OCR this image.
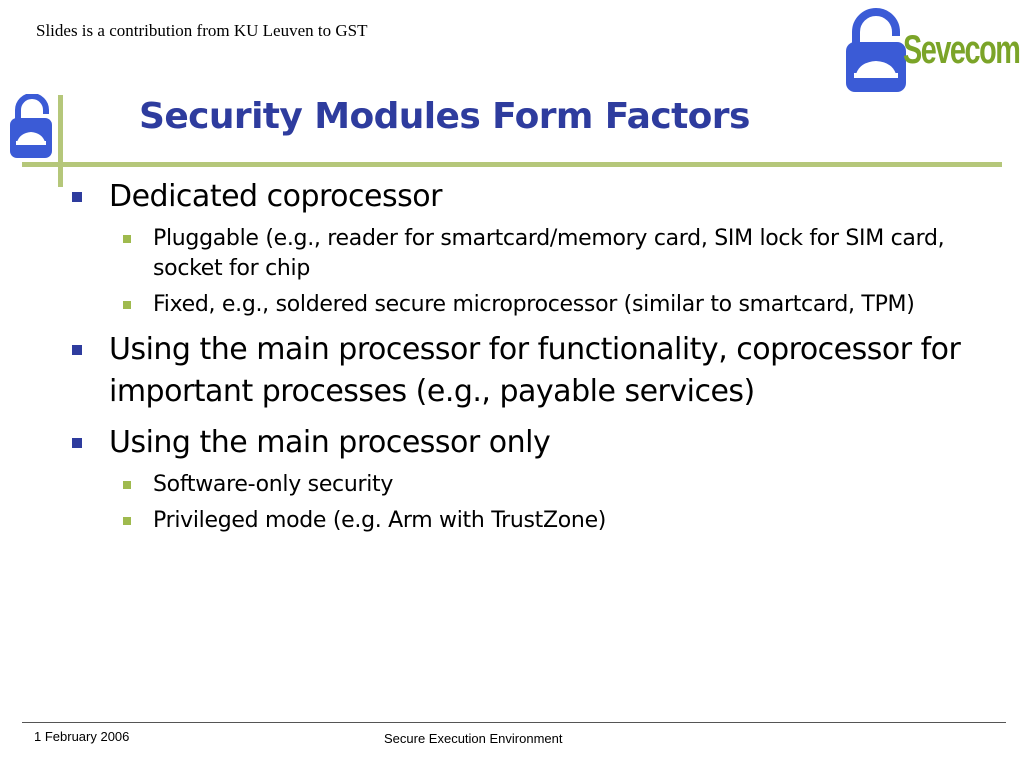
Slides is a contribution from KU Leuven to GST	Sevecom
Security Modules Form Factors
Dedicated coprocessor
Pluggable (e.g., reader for smartcard/memory card, SIM lock for SIM card, socket for chip
Fixed, e.g., soldered secure microprocessor (similar to smartcard, TPM)
Using the main processor for functionality, coprocessor for important processes (e.g., payable services)
Using the main processor only
Software-only security
Privileged mode (e.g. Arm with TrustZone)
1 February 2006	Secure Execution Environment
